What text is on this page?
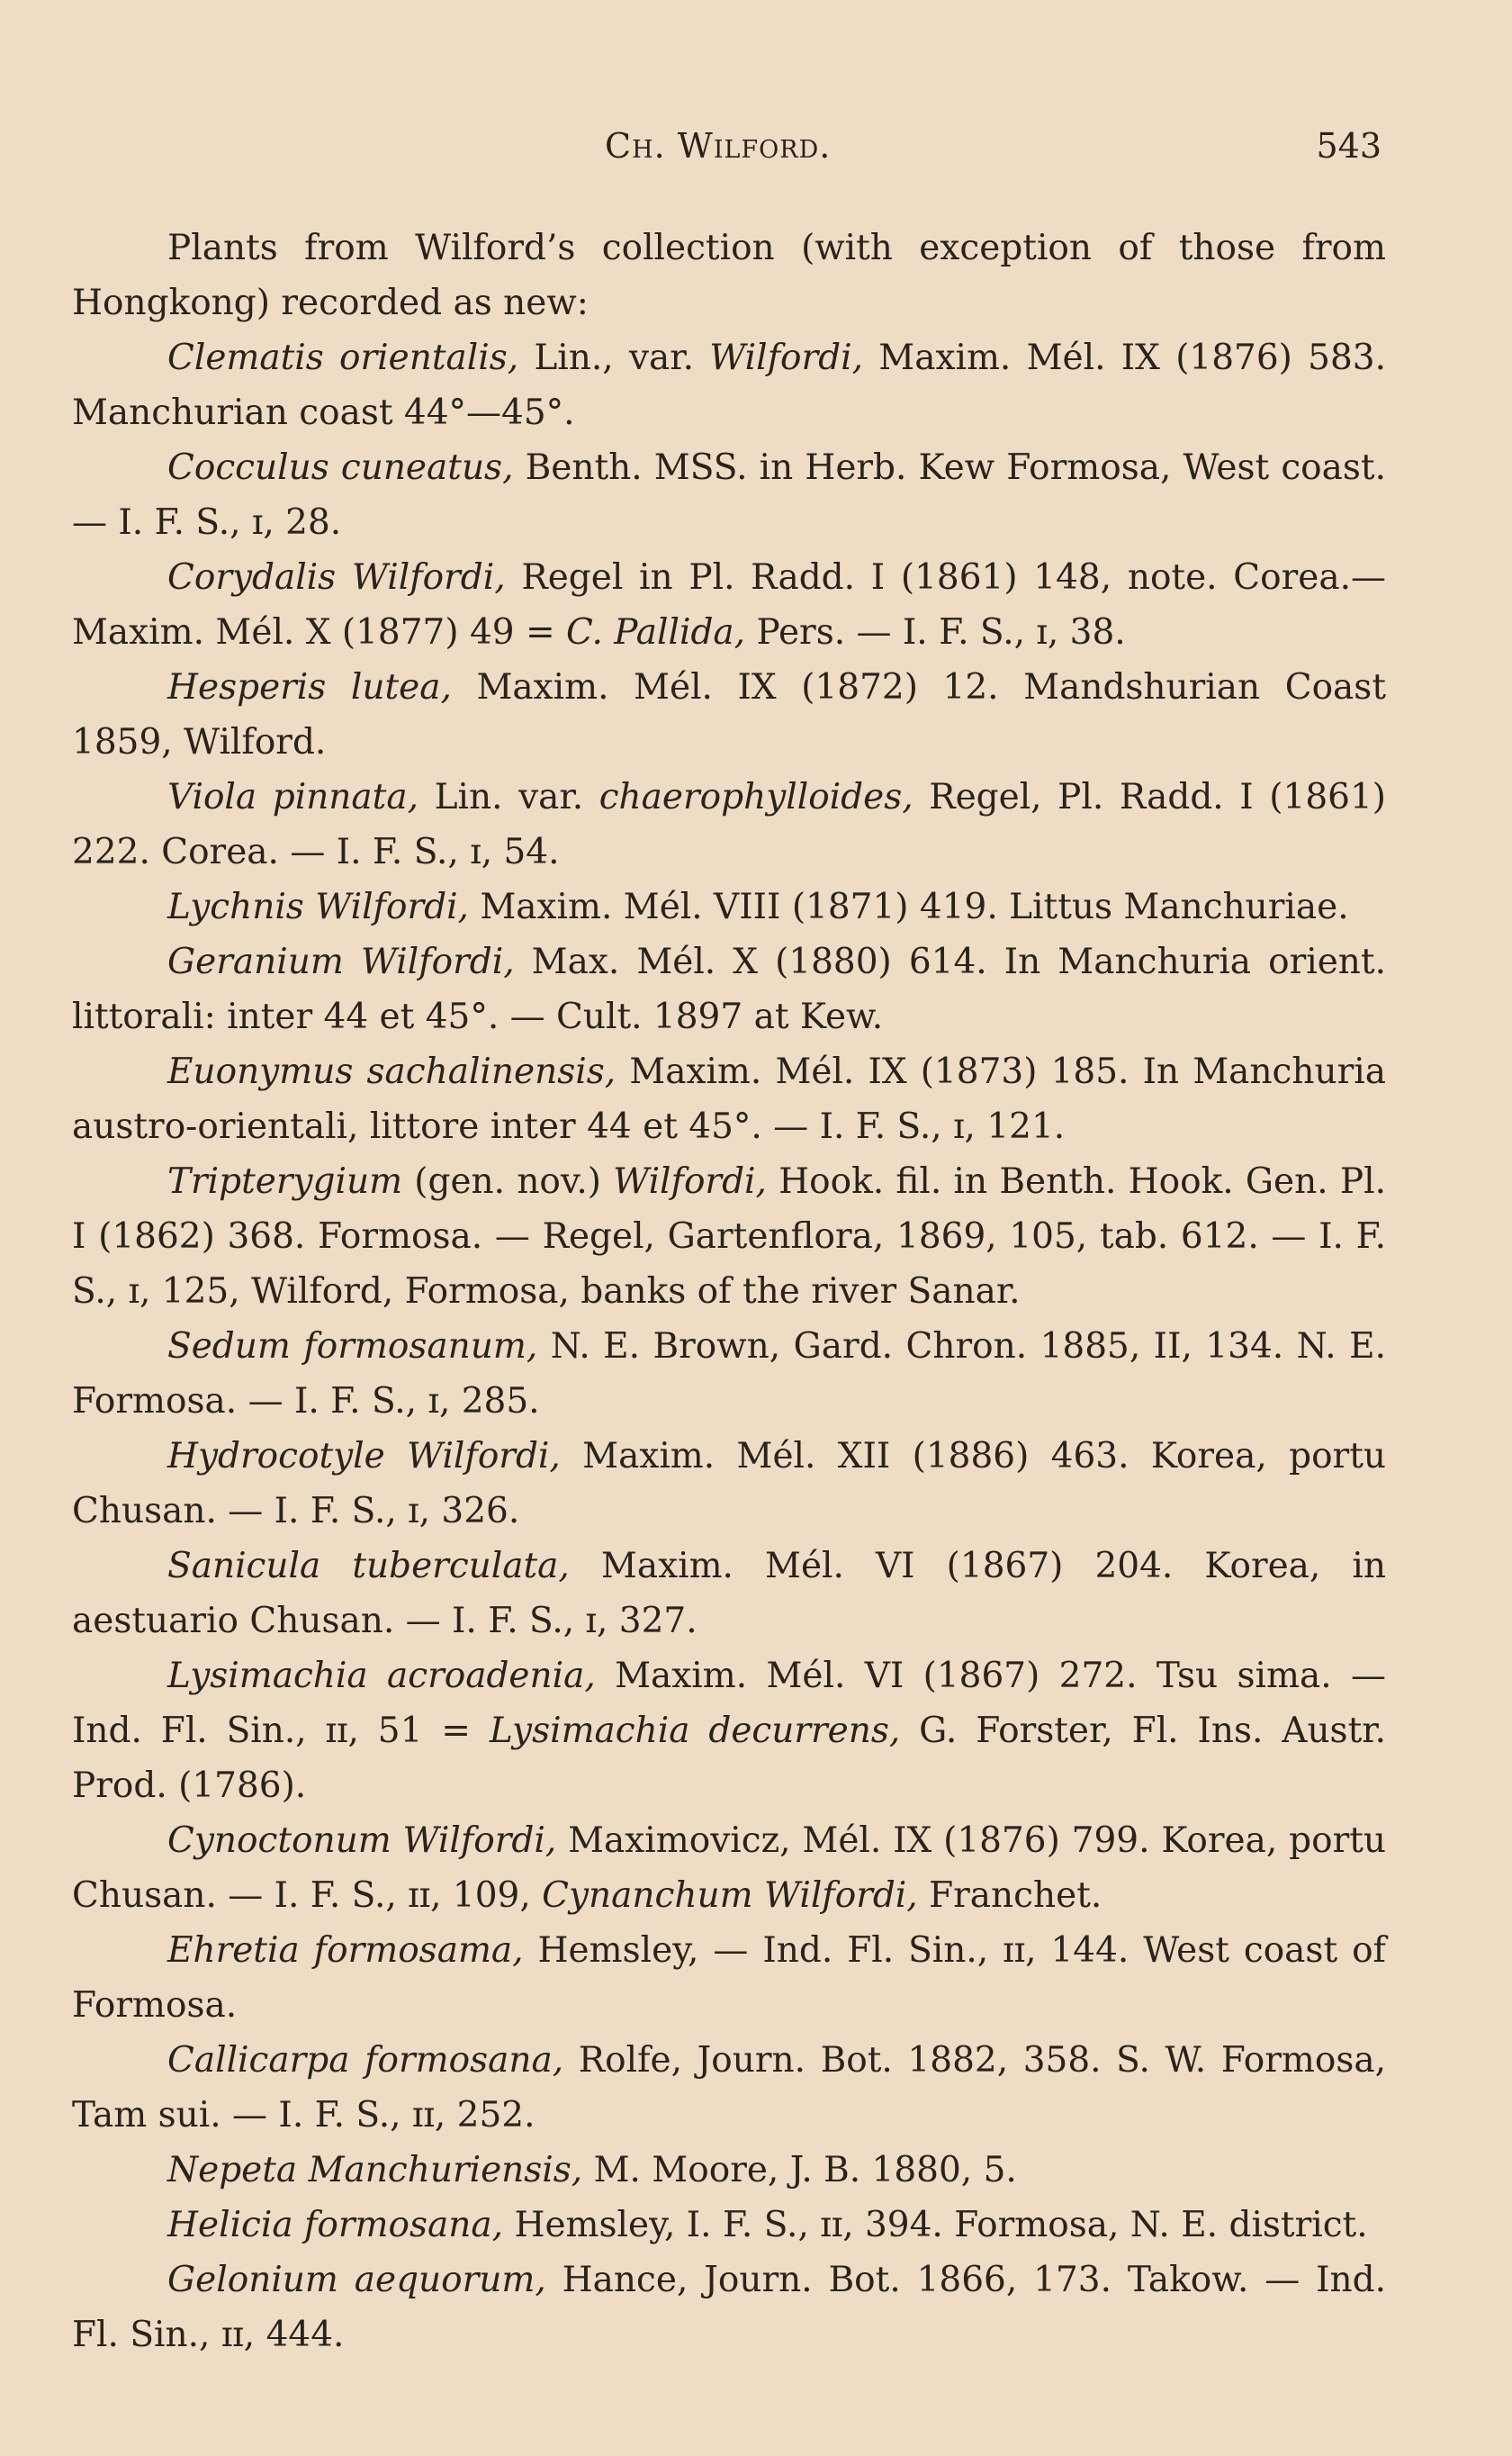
Ch. Wilford.	543

Plants from Wilford’s collection (with exception of those from Hongkong) recorded as new:

Clematis orientalis, Lin., var. Wilfordi, Maxim. Mél. IX (1876) 583. Manchurian coast 44°—45°.

Cocculus cuneatus, Benth. MSS. in Herb. Kew Formosa, West coast.— I. F. S., ɪ, 28.

Corydalis Wilfordi, Regel in Pl. Radd. I (1861) 148, note. Corea.— Maxim. Mél. X (1877) 49 = C. Pallida, Pers. — I. F. S., ɪ, 38.

Hesperis lutea, Maxim. Mél. IX (1872) 12. Mandshurian Coast 1859, Wilford.

Viola pinnata, Lin. var. chaerophylloides, Regel, Pl. Radd. I (1861) 222. Corea. — I. F. S., ɪ, 54.

Lychnis Wilfordi, Maxim. Mél. VIII (1871) 419. Littus Manchuriae.

Geranium Wilfordi, Max. Mél. X (1880) 614. In Manchuria orient. littorali: inter 44 et 45°. — Cult. 1897 at Kew.

Euonymus sachalinensis, Maxim. Mél. IX (1873) 185. In Manchuria austro-orientali, littore inter 44 et 45°. — I. F. S., ɪ, 121.

Tripterygium (gen. nov.) Wilfordi, Hook. fil. in Benth. Hook. Gen. Pl. I (1862) 368. Formosa. — Regel, Gartenflora, 1869, 105, tab. 612. — I. F. S., ɪ, 125, Wilford, Formosa, banks of the river Sanar.

Sedum formosanum, N. E. Brown, Gard. Chron. 1885, II, 134. N. E. Formosa. — I. F. S., ɪ, 285.

Hydrocotyle Wilfordi, Maxim. Mél. XII (1886) 463. Korea, portu Chusan. — I. F. S., ɪ, 326.

Sanicula tuberculata, Maxim. Mél. VI (1867) 204. Korea, in aestuario Chusan. — I. F. S., ɪ, 327.

Lysimachia acroadenia, Maxim. Mél. VI (1867) 272. Tsu sima. — Ind. Fl. Sin., ɪɪ, 51 = Lysimachia decurrens, G. Forster, Fl. Ins. Austr. Prod. (1786).

Cynoctonum Wilfordi, Maximovicz, Mél. IX (1876) 799. Korea, portu Chusan. — I. F. S., ɪɪ, 109, Cynanchum Wilfordi, Franchet.

Ehretia formosama, Hemsley, — Ind. Fl. Sin., ɪɪ, 144. West coast of Formosa.

Callicarpa formosana, Rolfe, Journ. Bot. 1882, 358. S. W. Formosa, Tam sui. — I. F. S., ɪɪ, 252.

Nepeta Manchuriensis, M. Moore, J. B. 1880, 5.

Helicia formosana, Hemsley, I. F. S., ɪɪ, 394. Formosa, N. E. district.

Gelonium aequorum, Hance, Journ. Bot. 1866, 173. Takow. — Ind. Fl. Sin., ɪɪ, 444.
